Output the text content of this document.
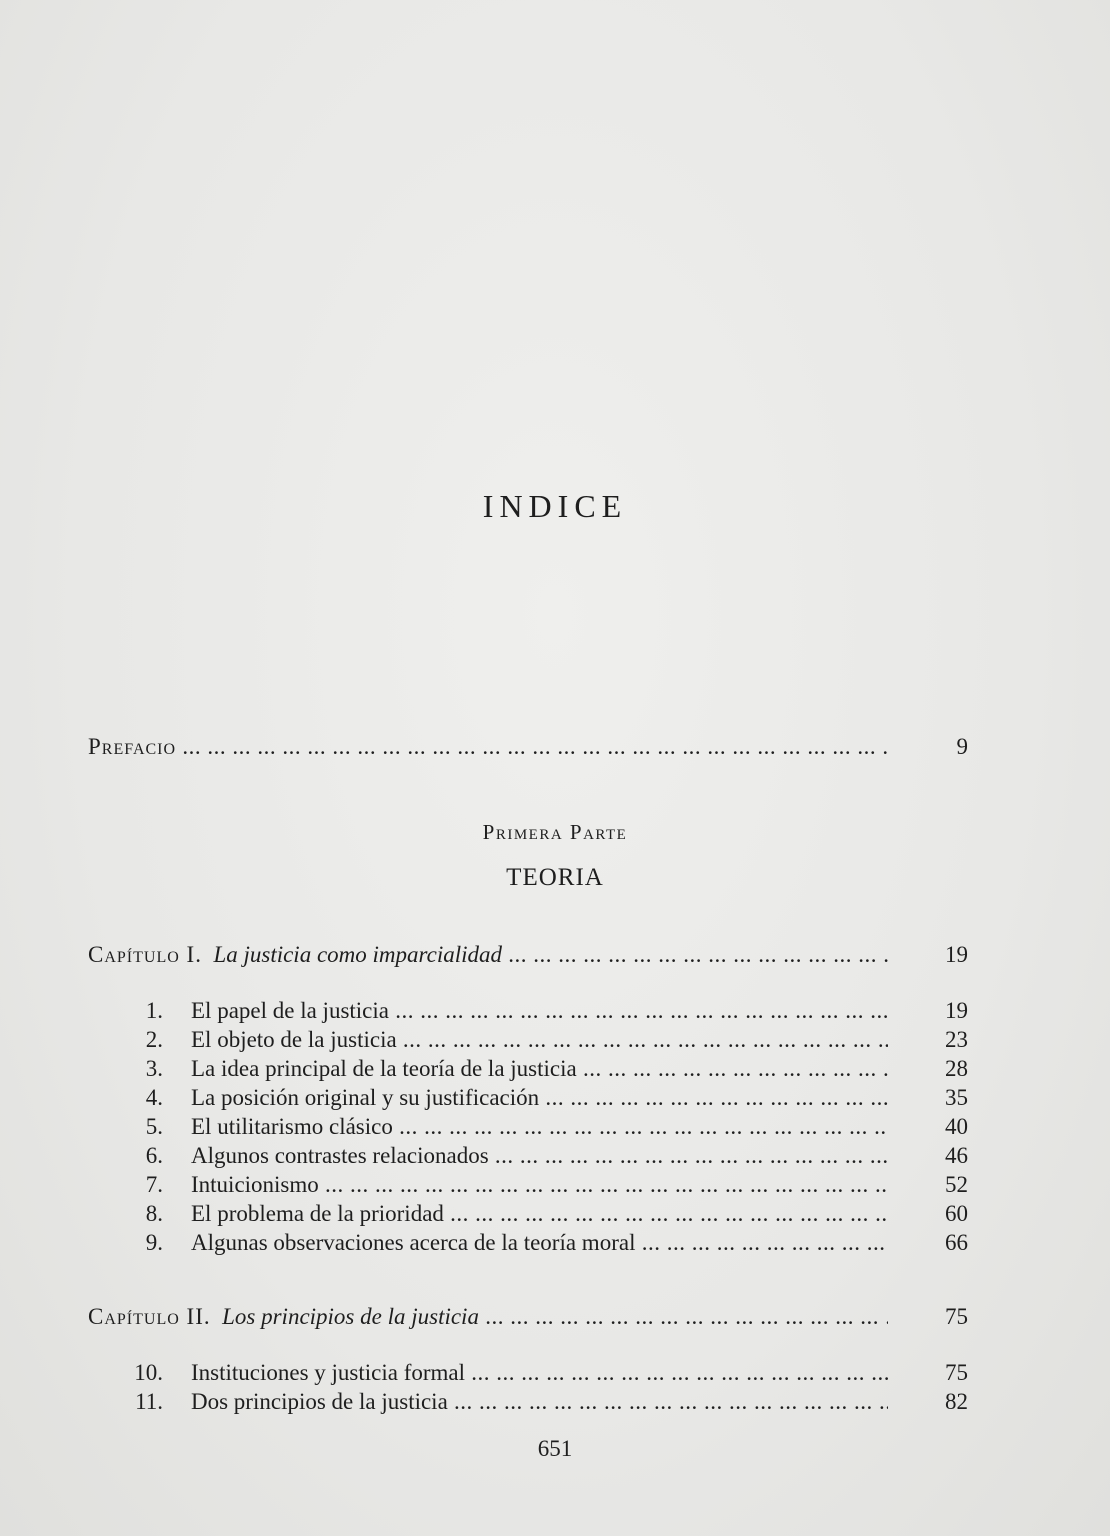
INDICE
Prefacio ... .	9
Primera Parte
TEORIA
Capítulo I. La justicia como imparcialidad ... .	19
1. El papel de la justicia ... .	19
2. El objeto de la justicia ... .	23
3. La idea principal de la teoría de la justicia ... .	28
4. La posición original y su justificación ... .	35
5. El utilitarismo clásico ... .	40
6. Algunos contrastes relacionados ... .	46
7. Intuicionismo ... .	52
8. El problema de la prioridad ... .	60
9. Algunas observaciones acerca de la teoría moral ... .	66
Capítulo II. Los principios de la justicia ... .	75
10. Instituciones y justicia formal ... .	75
11. Dos principios de la justicia ... .	82
651
